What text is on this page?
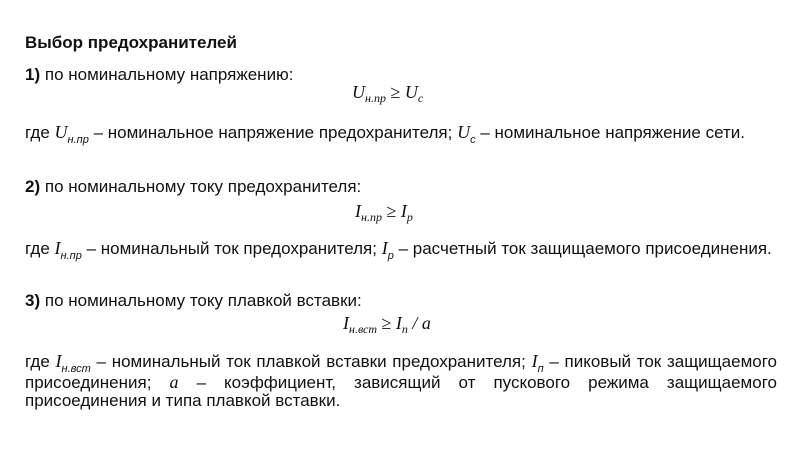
Выбор предохранителей
1) по номинальному напряжению:
$U_{н.пр} \ge U_с$
где $U_{н.пр}$ – номинальное напряжение предохранителя; $U_с$ – номинальное напряжение сети.
2) по номинальному току предохранителя:
$I_{н.пр} \ge I_р$
где $I_{н.пр}$ – номинальный ток предохранителя; $I_р$ – расчетный ток защищаемого присоединения.
3) по номинальному току плавкой вставки:
$I_{н.вст} \ge I_п / a$
где $I_{н.вст}$ – номинальный ток плавкой вставки предохранителя; $I_п$ – пиковый ток защищаемого присоединения; a – коэффициент, зависящий от пускового режима защищаемого присоединения и типа плавкой вставки.
